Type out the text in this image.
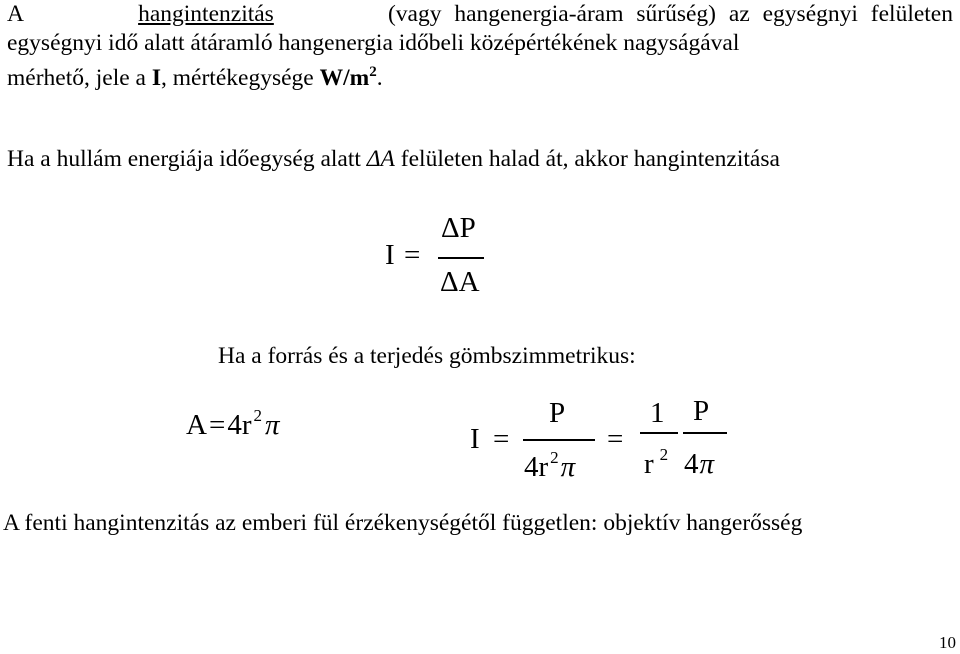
A	hangintenzitás	(vagy hangenergia-áram sűrűség) az egységnyi felületen
egységnyi idő alatt átáramló hangenergia időbeli középértékének nagyságával
mérhető, jele a I, mértékegysége $W/m^2$.
Ha a hullám energiája időegység alatt ΔA felületen halad át, akkor hangintenzitása
I =
ΔP
ΔA
Ha a forrás és a terjedés gömbszimmetrikus:
A=4r $^2$ π	I =
P
4r $^2$π
=
1
r $^2$
P
4π
A fenti hangintenzitás az emberi fül érzékenységétől független: objektív hangerősség
10
